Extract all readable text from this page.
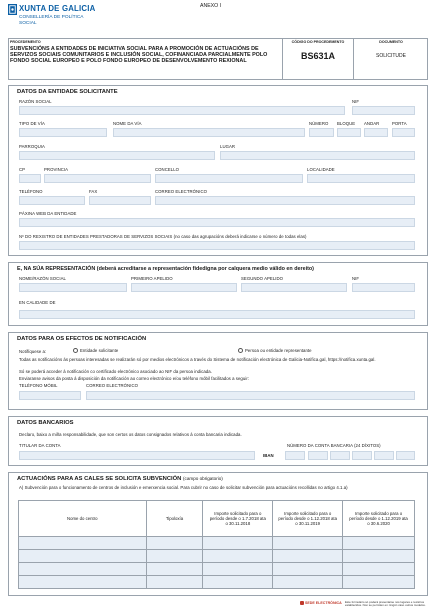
XUNTA DE GALICIA
CONSELLERÍA DE POLÍTICA
SOCIAL
ANEXO I
PROCEDEMENTO
SUBVENCIÓNS A ENTIDADES DE INICIATIVA SOCIAL PARA A PROMOCIÓN DE ACTUACIÓNS DE SERVIZOS SOCIAIS COMUNITARIOS E INCLUSIÓN SOCIAL, COFINANCIADA PARCIALMENTE POLO FONDO SOCIAL EUROPEO E POLO FONDO EUROPEO DE DESENVOLVEMENTO REXIONAL
CÓDIGO DO PROCEDEMENTO
BS631A
DOCUMENTO
SOLICITUDE
DATOS DA ENTIDADE SOLICITANTE
RAZÓN SOCIAL	NIF
TIPO DE VÍA	NOME DA VÍA	NÚMERO BLOQUE ANDAR	PORTA
PARROQUIA	LUGAR
CP	PROVINCIA	CONCELLO	LOCALIDADE
TELÉFONO	FAX	CORREO ELECTRÓNICO
PÁXINA WEB DA ENTIDADE
Nº DO REXISTRO DE ENTIDADES PRESTADORAS DE SERVIZOS SOCIAIS (no caso das agrupacións deberá indicarse o número de todas elas)
E, NA SÚA REPRESENTACIÓN (deberá acreditarse a representación fidedigna por calquera medio válido en dereito)
NOME/RAZÓN SOCIAL	PRIMEIRO APELIDO	SEGUNDO APELIDO	NIF
EN CALIDADE DE
DATOS PARA OS EFECTOS DE NOTIFICACIÓN
Notifíquese a:	Entidade solicitante	Persoa ou entidade representante
Todas as notificacións ás persoas interesadas se realizarán só por medios electrónicos a través do Sistema de notificación electrónica de Galicia-Notifica.gal, https://notifica.xunta.gal.
Só se poderá acceder á notificación co certificado electrónico asociado ao NIF da persoa indicada.
Enviaranse avisos da posta á disposición da notificación ao correo electrónico e/ou teléfono móbil facilitados a seguir:
TELÉFONO MÓBIL	CORREO ELECTRÓNICO
DATOS BANCARIOS
Declaro, baixo a miña responsabilidade, que son certos os datos consignados relativos á conta bancaria indicada.
TITULAR DA CONTA	NÚMERO DA CONTA BANCARIA (24 DÍXITOS)
IBAN
ACTUACIÓNS PARA AS CALES SE SOLICITA SUBVENCIÓN (campo obrigatorio)
A) Subvención para o funcionamento de centros de inclusión e emerxencia social. Para cubrir no caso de solicitar subvención para actuacións recollidas no artigo 4.1.a)
Nome do centro	Tipoloxía	Importe solicitado para o período desde o 1.7.2018 ata o 30.11.2018	Importe solicitado para o período desde o 1.12.2018 ata o 30.11.2019	Importe solicitado para o período desde o 1.12.2019 ata o 30.6.2020

SEDE ELECTRÓNICA Este formulario só poderá presentarse nos lugares e rexistros establecidos. Non se permiten en ningún caso outros modelos.
